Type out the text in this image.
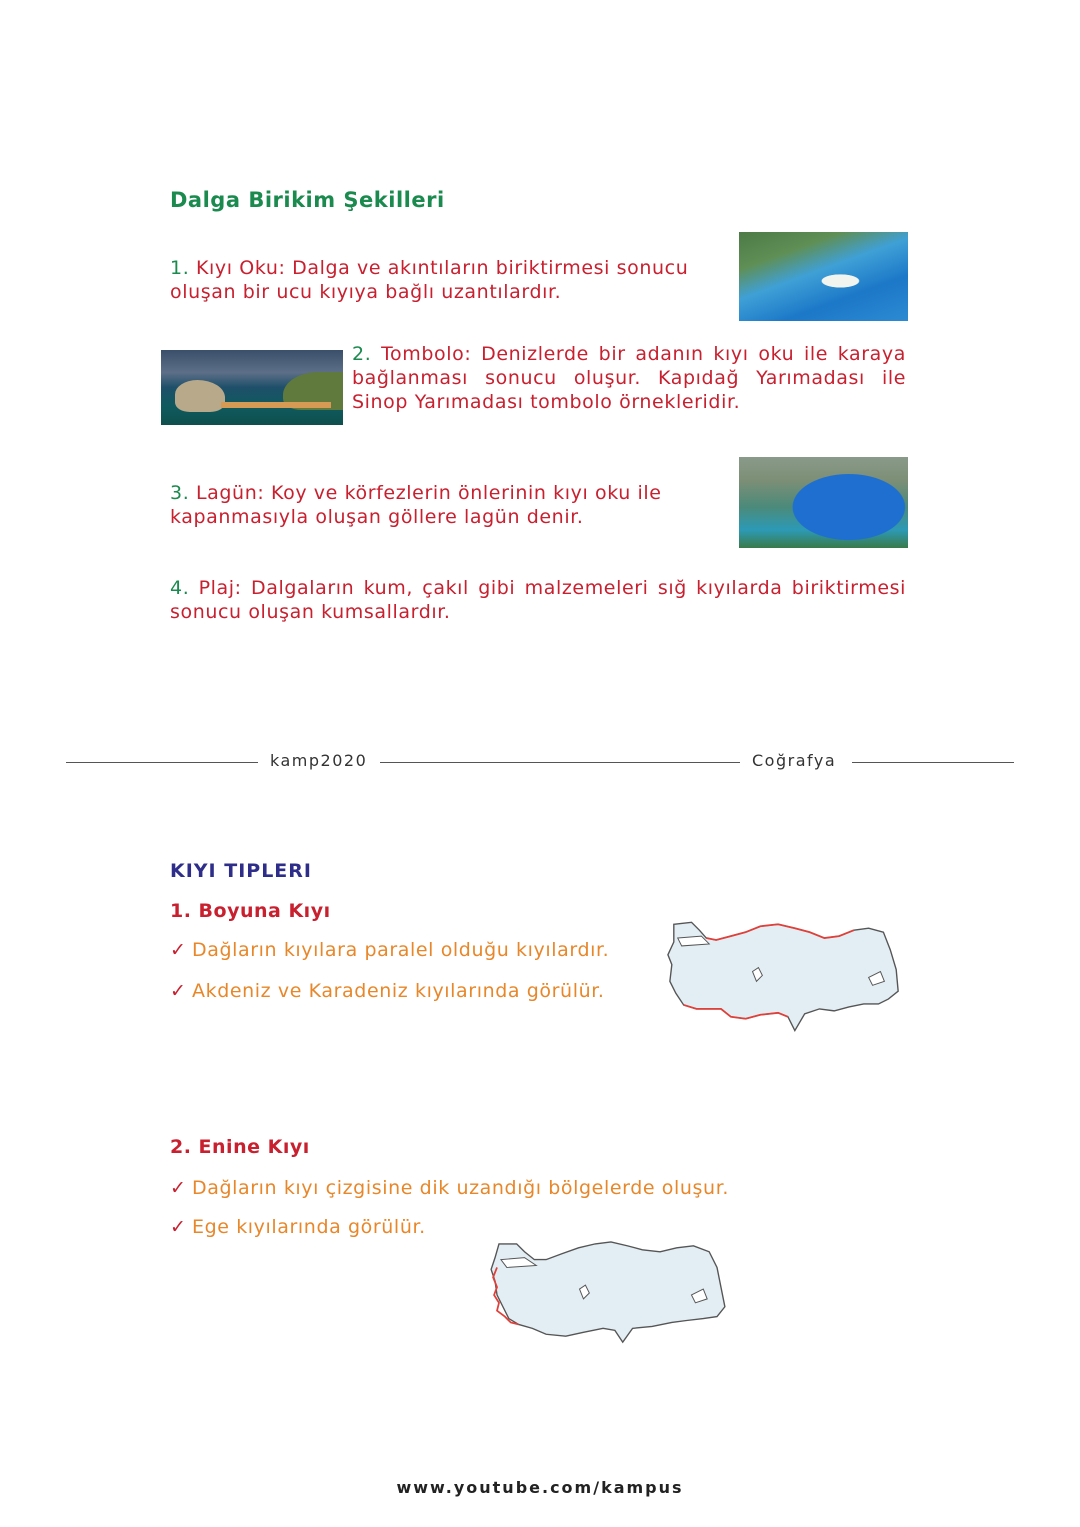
Dalga Birikim Şekilleri
1. Kıyı Oku: Dalga ve akıntıların biriktirmesi sonucu oluşan bir ucu kıyıya bağlı uzantılardır.
2. Tombolo: Denizlerde bir adanın kıyı oku ile karaya bağlanması sonucu oluşur. Kapıdağ Yarımadası ile Sinop Yarımadası tombolo örnekleridir.
3. Lagün: Koy ve körfezlerin önlerinin kıyı oku ile kapanmasıyla oluşan göllere lagün denir.
4. Plaj: Dalgaların kum, çakıl gibi malzemeleri sığ kıyılarda biriktirmesi sonucu oluşan kumsallardır.
kamp2020	Coğrafya
KIYI TIPLERI
1. Boyuna Kıyı
✓ Dağların kıyılara paralel olduğu kıyılardır.
✓ Akdeniz ve Karadeniz kıyılarında görülür.
2. Enine Kıyı
✓ Dağların kıyı çizgisine dik uzandığı bölgelerde oluşur.
✓ Ege kıyılarında görülür.
www.youtube.com/kampus
